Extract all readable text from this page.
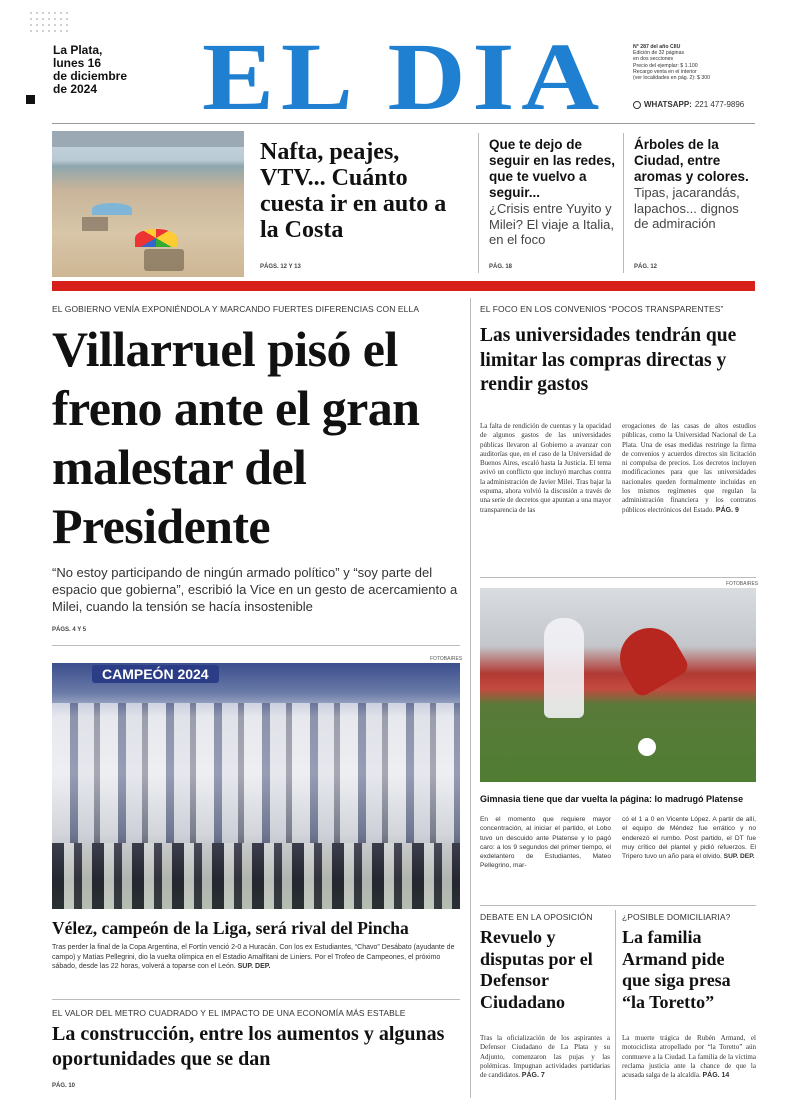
La Plata,
lunes 16
de diciembre
de 2024	EL DIA	N° 287 del año CIIU
Edición de 32 páginas
en dos secciones
Precio del ejemplar: $ 1.100
Recargo venta en el interior
(ver localidades en pág. 2): $ 300
WHATSAPP: 221 477-9896
Nafta, peajes, VTV... Cuánto cuesta ir en auto a la Costa
PÁGS. 12 Y 13
Que te dejo de seguir en las redes, que te vuelvo a seguir...
¿Crisis entre Yuyito y Milei? El viaje a Italia, en el foco
PÁG. 18
Árboles de la Ciudad, entre aromas y colores.
Tipas, jacarandás, lapachos... dignos de admiración
PÁG. 12
EL GOBIERNO VENÍA EXPONIÉNDOLA Y MARCANDO FUERTES DIFERENCIAS CON ELLA
Villarruel pisó el freno ante el gran malestar del Presidente
“No estoy participando de ningún armado político” y “soy parte del espacio que gobierna”, escribió la Vice en un gesto de acercamiento a Milei, cuando la tensión se hacía insostenible
PÁGS. 4 Y 5
FOTOBAIRES
CAMPEÓN 2024
Vélez, campeón de la Liga, será rival del Pincha
Tras perder la final de la Copa Argentina, el Fortín venció 2-0 a Huracán. Con los ex Estudiantes, “Chavo” Desábato (ayudante de campo) y Matías Pellegrini, dio la vuelta olímpica en el Estadio Amalfitani de Liniers. Por el Trofeo de Campeones, el próximo sábado, desde las 22 horas, volverá a toparse con el León. SUP. DEP.
EL VALOR DEL METRO CUADRADO Y EL IMPACTO DE UNA ECONOMÍA MÁS ESTABLE
La construcción, entre los aumentos y algunas oportunidades que se dan
PÁG. 10
EL FOCO EN LOS CONVENIOS “POCOS TRANSPARENTES”
Las universidades tendrán que limitar las compras directas y rendir gastos
La falta de rendición de cuentas y la opacidad de algunos gastos de las universidades públicas llevaron al Gobierno a avanzar con auditorías que, en el caso de la Universidad de Buenos Aires, escaló hasta la Justicia. El tema avivó un conflicto que incluyó marchas contra la administración de Javier Milei. Tras bajar la espuma, ahora volvió la discusión a través de una serie de decretos que apuntan a una mayor transparencia de las
erogaciones de las casas de altos estudios públicas, como la Universidad Nacional de La Plata. Una de esas medidas restringe la firma de convenios y acuerdos directos sin licitación ni compulsa de precios. Los decretos incluyen modificaciones para que las universidades nacionales queden formalmente incluidas en los mismos regímenes que regulan la administración financiera y los contratos públicos electrónicos del Estado. PÁG. 9
FOTOBAIRES
Gimnasia tiene que dar vuelta la página: lo madrugó Platense
En el momento que requiere mayor concentración, al iniciar el partido, el Lobo tuvo un descuido ante Platense y lo pagó caro: a los 9 segundos del primer tiempo, el exdelantero de Estudiantes, Mateo Pellegrino, mar-
có el 1 a 0 en Vicente López. A partir de allí, el equipo de Méndez fue errático y no enderezó el rumbo. Post partido, el DT fue muy crítico del plantel y pidió refuerzos. El Tripero tuvo un año para el olvido. SUP. DEP.
DEBATE EN LA OPOSICIÓN
Revuelo y disputas por el Defensor Ciudadano
Tras la oficialización de los aspirantes a Defensor Ciudadano de La Plata y su Adjunto, comenzaron las pujas y las polémicas. Impugnan actividades partidarias de candidatos. PÁG. 7
¿POSIBLE DOMICILIARIA?
La familia Armand pide que siga presa “la Toretto”
La muerte trágica de Rubén Armand, el motociclista atropellado por “la Toretto” aún conmueve a la Ciudad. La familia de la víctima reclama justicia ante la chance de que la acusada salga de la alcaldía. PÁG. 14
